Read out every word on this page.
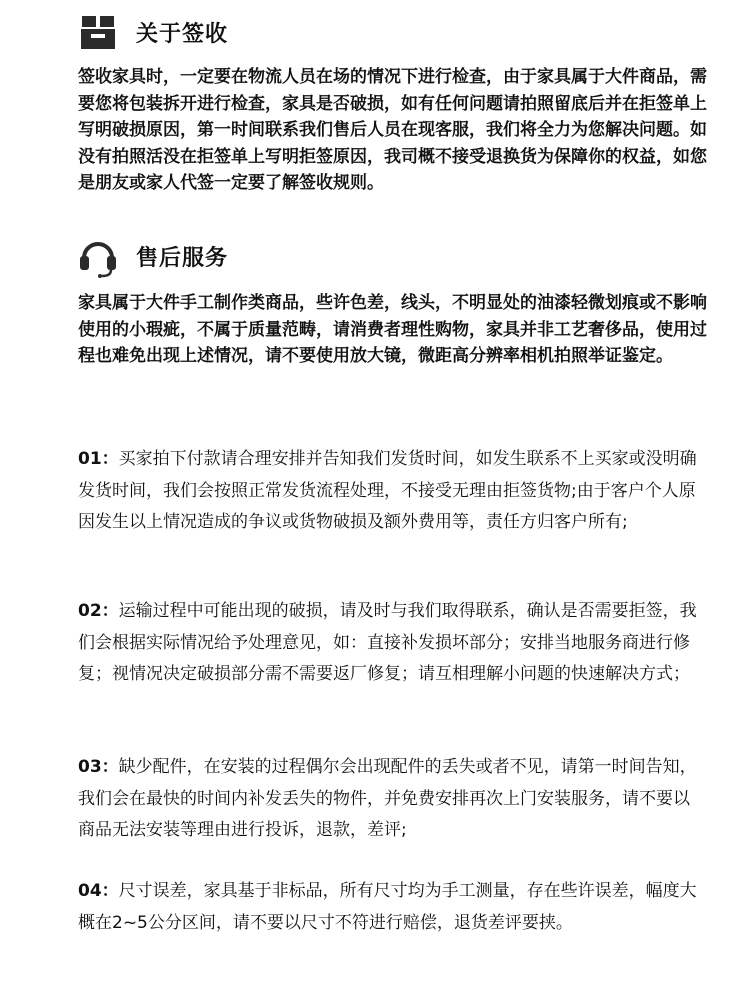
关于签收

签收家具时，一定要在物流人员在场的情况下进行检查，由于家具属于大件商品，需要您将包装拆开进行检查，家具是否破损，如有任何问题请拍照留底后并在拒签单上写明破损原因，第一时间联系我们售后人员在现客服，我们将全力为您解决问题。如没有拍照活没在拒签单上写明拒签原因，我司概不接受退换货为保障你的权益，如您是朋友或家人代签一定要了解签收规则。

售后服务

家具属于大件手工制作类商品，些许色差，线头，不明显处的油漆轻微划痕或不影响使用的小瑕疵，不属于质量范畴，请消费者理性购物，家具并非工艺奢侈品，使用过程也难免出现上述情况，请不要使用放大镜，微距高分辨率相机拍照举证鉴定。

01：买家拍下付款请合理安排并告知我们发货时间，如发生联系不上买家或没明确发货时间，我们会按照正常发货流程处理，不接受无理由拒签货物;由于客户个人原因发生以上情况造成的争议或货物破损及额外费用等，责任方归客户所有;

02：运输过程中可能出现的破损，请及时与我们取得联系，确认是否需要拒签，我们会根据实际情况给予处理意见，如：直接补发损坏部分；安排当地服务商进行修复；视情况决定破损部分需不需要返厂修复；请互相理解小问题的快速解决方式；

03：缺少配件，在安装的过程偶尔会出现配件的丢失或者不见，请第一时间告知，我们会在最快的时间内补发丢失的物件，并免费安排再次上门安装服务，请不要以商品无法安装等理由进行投诉，退款，差评;

04：尺寸误差，家具基于非标品，所有尺寸均为手工测量，存在些许误差，幅度大概在2~5公分区间，请不要以尺寸不符进行赔偿，退货差评要挟。
